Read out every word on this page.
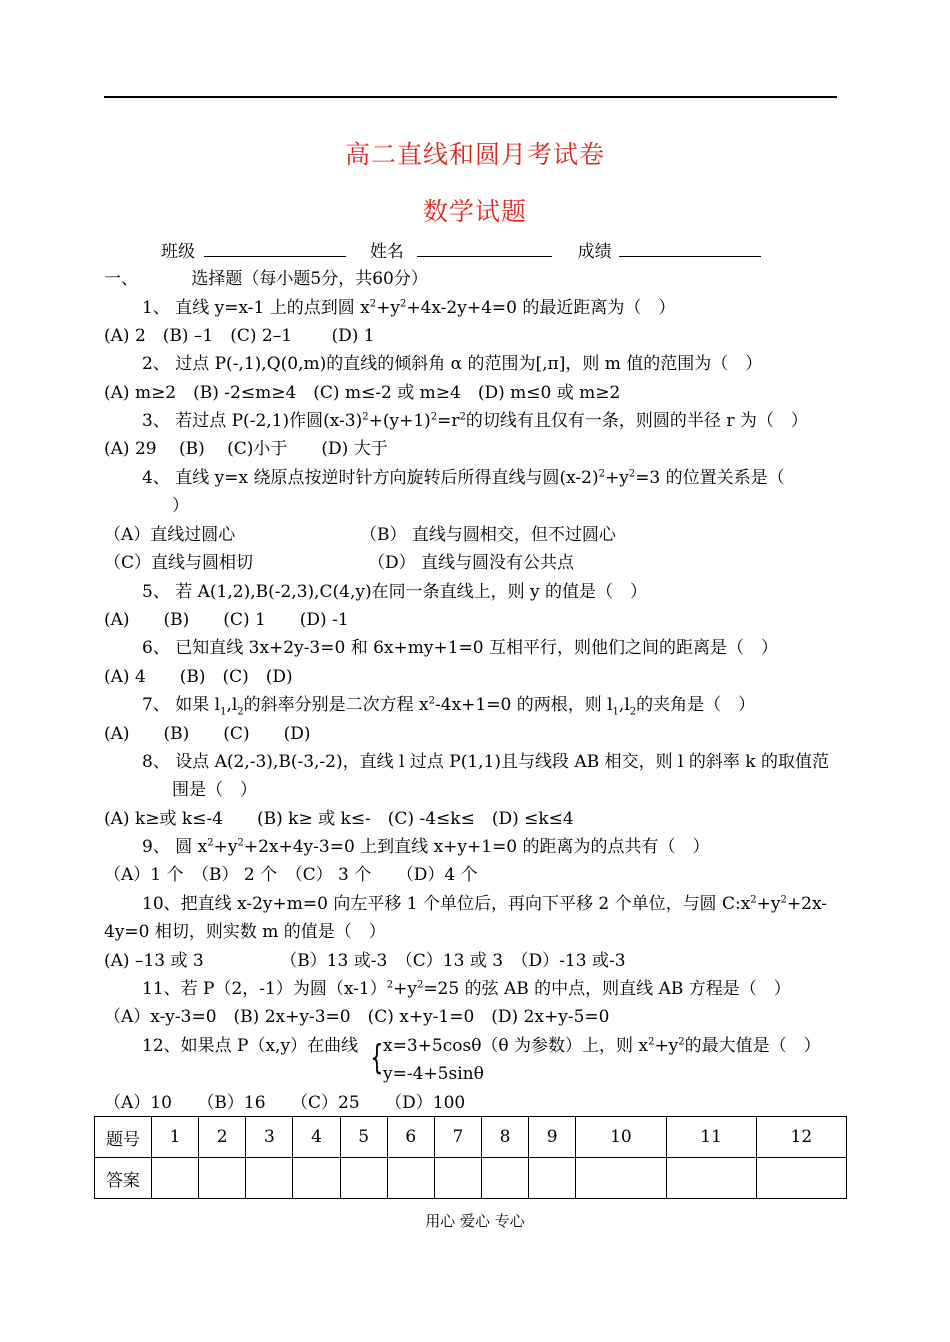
高二直线和圆月考试卷
数学试题
班级	姓名	成绩
一、	选择题（每小题5分，共60分）
1、 直线 y=x-1 上的点到圆 $x^2+y^2+4x-2y+4=0$ 的最近距离为（　）
(A) 2　(B) –1　(C) 2–1　　 (D) 1
2、 过点 P(-,1),Q(0,m)的直线的倾斜角 α 的范围为[,π]，则 m 值的范围为（　）
(A) m≥2　(B) -2≤m≥4　(C) m≤-2 或 m≥4　(D) m≤0 或 m≥2
3、 若过点 P(-2,1)作圆$(x-3)^2+(y+1)^2=r^2$的切线有且仅有一条，则圆的半径 r 为（　）
(A) 29　 (B)　 (C)小于　　(D) 大于
4、 直线 y=x 绕原点按逆时针方向旋转后所得直线与圆$(x-2)^2+y^2=3$ 的位置关系是（
）
（A）直线过圆心	（B） 直线与圆相交，但不过圆心
（C）直线与圆相切	（D） 直线与圆没有公共点
5、 若 A(1,2),B(-2,3),C(4,y)在同一条直线上，则 y 的值是（　）
(A)　　(B)　　(C) 1　　(D) -1
6、 已知直线 3x+2y-3=0 和 6x+my+1=0 互相平行，则他们之间的距离是（　）
(A) 4　　(B)　(C)　(D)
7、 如果 $l_1,l_2$的斜率分别是二次方程 $x^2-4x+1=0$ 的两根，则 $l_1,l_2$的夹角是（　）
(A)　　(B)　　(C)　　(D)
8、 设点 A(2,-3),B(-3,-2)，直线 l 过点 P(1,1)且与线段 AB 相交，则 l 的斜率 k 的取值范
围是（　）
(A) k≥或 k≤-4　　(B) k≥ 或 k≤-　(C) -4≤k≤　(D) ≤k≤4
9、 圆 $x^2+y^2+2x+4y-3=0$ 上到直线 x+y+1=0 的距离为的点共有（　）
（A）1 个　（B） 2 个　（C） 3 个　　（D）4 个
10、把直线 x-2y+m=0 向左平移 1 个单位后，再向下平移 2 个单位，与圆 $C:x^2+y^2+2x-$
4y=0 相切，则实数 m 的值是（　）
(A) –13 或 3　　　　　（B）13 或-3　（C）13 或 3　（D）-13 或-3
11、若 P（2，-1）为圆$(x-1)^2+y^2=25$ 的弦 AB 的中点，则直线 AB 方程是（　）
（A）x-y-3=0　(B) 2x+y-3=0　(C) x+y-1=0　(D) 2x+y-5=0
12、如果点 P（x,y）在曲线 { x=3+5cosθ（θ 为参数）上，则 $x^2+y^2$的最大值是（　）
y=-4+5sinθ
（A）10　　（B）16　　（C）25　　（D）100
题号	1	2	3	4	5	6	7	8	9	10	11	12
答案												
用心 爱心 专心
